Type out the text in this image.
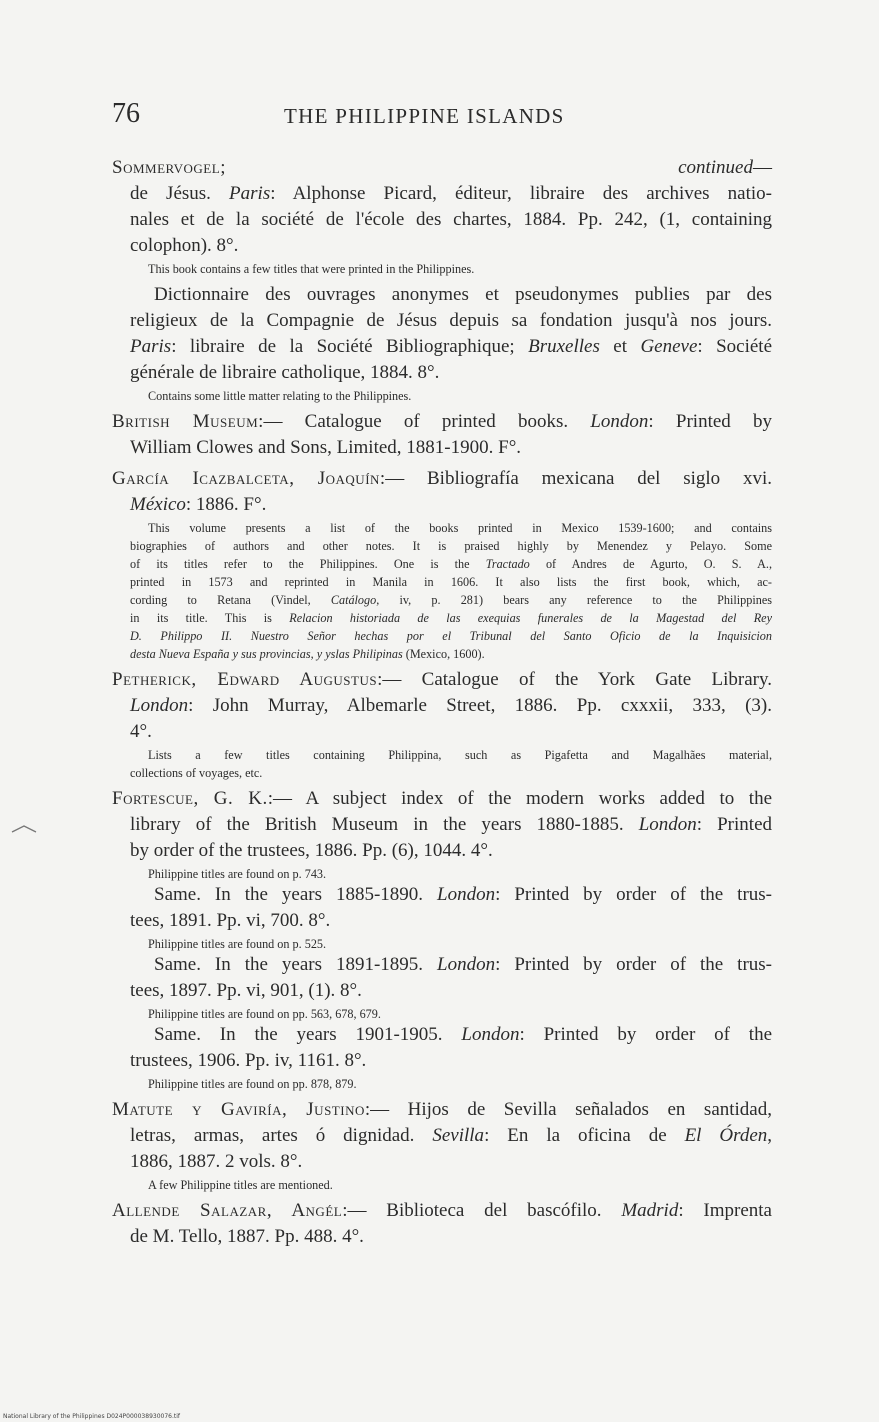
76	THE PHILIPPINE ISLANDS
Sommervogel; continued—
de Jésus. Paris: Alphonse Picard, éditeur, libraire des archives natio-
nales et de la société de l'école des chartes, 1884. Pp. 242, (1, containing
colophon). 8°.
This book contains a few titles that were printed in the Philippines.
Dictionnaire des ouvrages anonymes et pseudonymes publies par des
religieux de la Compagnie de Jésus depuis sa fondation jusqu'à nos jours.
Paris: libraire de la Société Bibliographique; Bruxelles et Geneve: Société
générale de libraire catholique, 1884. 8°.
Contains some little matter relating to the Philippines.
British Museum:— Catalogue of printed books. London: Printed by
William Clowes and Sons, Limited, 1881-1900. F°.
García Icazbalceta, Joaquín:— Bibliografía mexicana del siglo xvi.
México: 1886. F°.
This volume presents a list of the books printed in Mexico 1539-1600; and contains
biographies of authors and other notes. It is praised highly by Menendez y Pelayo. Some
of its titles refer to the Philippines. One is the Tractado of Andres de Agurto, O. S. A.,
printed in 1573 and reprinted in Manila in 1606. It also lists the first book, which, ac-
cording to Retana (Vindel, Catálogo, iv, p. 281) bears any reference to the Philippines
in its title. This is Relacion historiada de las exequias funerales de la Magestad del Rey
D. Philippo II. Nuestro Señor hechas por el Tribunal del Santo Oficio de la Inquisicion
desta Nueva España y sus provincias, y yslas Philipinas (Mexico, 1600).
Petherick, Edward Augustus:— Catalogue of the York Gate Library.
London: John Murray, Albemarle Street, 1886. Pp. cxxxii, 333, (3).
4°.
Lists a few titles containing Philippina, such as Pigafetta and Magalhães material,
collections of voyages, etc.
Fortescue, G. K.:— A subject index of the modern works added to the
library of the British Museum in the years 1880-1885. London: Printed
by order of the trustees, 1886. Pp. (6), 1044. 4°.
Philippine titles are found on p. 743.
Same. In the years 1885-1890. London: Printed by order of the trus-
tees, 1891. Pp. vi, 700. 8°.
Philippine titles are found on p. 525.
Same. In the years 1891-1895. London: Printed by order of the trus-
tees, 1897. Pp. vi, 901, (1). 8°.
Philippine titles are found on pp. 563, 678, 679.
Same. In the years 1901-1905. London: Printed by order of the
trustees, 1906. Pp. iv, 1161. 8°.
Philippine titles are found on pp. 878, 879.
Matute y Gaviría, Justino:— Hijos de Sevilla señalados en santidad,
letras, armas, artes ó dignidad. Sevilla: En la oficina de El Órden,
1886, 1887. 2 vols. 8°.
A few Philippine titles are mentioned.
Allende Salazar, Angél:— Biblioteca del bascófilo. Madrid: Imprenta
de M. Tello, 1887. Pp. 488. 4°.
National Library of the Philippines D024P000038930076.tif
